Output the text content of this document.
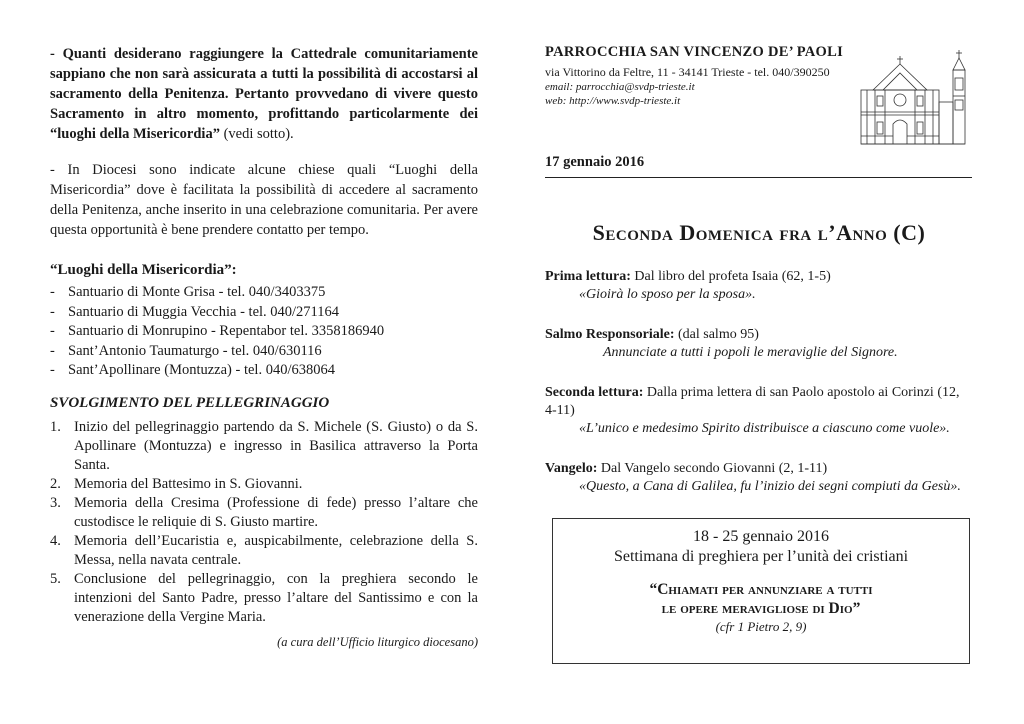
- Quanti desiderano raggiungere la Cattedrale comunitariamente sappiano che non sarà assicurata a tutti la possibilità di accostarsi al sacramento della Penitenza. Pertanto provvedano di vivere questo Sacramento in altro momento, profittando particolarmente dei “luoghi della Misericordia” (vedi sotto).

- In Diocesi sono indicate alcune chiese quali “Luoghi della Misericordia” dove è facilitata la possibilità di accedere al sacramento della Penitenza, anche inserito in una celebrazione comunitaria. Per avere questa opportunità è bene prendere contatto per tempo.

“Luoghi della Misericordia”:
- Santuario di Monte Grisa - tel. 040/3403375
- Santuario di Muggia Vecchia - tel. 040/271164
- Santuario di Monrupino - Repentabor tel. 3358186940
- Sant’Antonio Taumaturgo - tel. 040/630116
- Sant’Apollinare (Montuzza) - tel. 040/638064
SVOLGIMENTO DEL PELLEGRINAGGIO
1. Inizio del pellegrinaggio partendo da S. Michele (S. Giusto) o da S. Apollinare (Montuzza) e ingresso in Basilica attraverso la Porta Santa.
2. Memoria del Battesimo in S. Giovanni.
3. Memoria della Cresima (Professione di fede) presso l’altare che custodisce le reliquie di S. Giusto martire.
4. Memoria dell’Eucaristia e, auspicabilmente, celebrazione della S. Messa, nella navata centrale.
5. Conclusione del pellegrinaggio, con la preghiera secondo le intenzioni del Santo Padre, presso l’altare del Santissimo e con la venerazione della Vergine Maria.
(a cura dell’Ufficio liturgico diocesano)
PARROCCHIA SAN VINCENZO DE’ PAOLI
via Vittorino da Feltre, 11 - 34141 Trieste - tel. 040/390250
email: parrocchia@svdp-trieste.it
web: http://www.svdp-trieste.it
17 gennaio 2016
Seconda Domenica fra l’Anno (C)
Prima lettura: Dal libro del profeta Isaia (62, 1-5)
«Gioirà lo sposo per la sposa».
Salmo Responsoriale: (dal salmo 95)
Annunciate a tutti i popoli le meraviglie del Signore.
Seconda lettura: Dalla prima lettera di san Paolo apostolo ai Corinzi (12, 4-11)
«L’unico e medesimo Spirito distribuisce a ciascuno come vuole».
Vangelo: Dal Vangelo secondo Giovanni (2, 1-11)
«Questo, a Cana di Galilea, fu l’inizio dei segni compiuti da Gesù».
18 - 25 gennaio 2016
Settimana di preghiera per l’unità dei cristiani
“Chiamati per annunziare a tutti
le opere meravigliose di Dio”
(cfr 1 Pietro 2, 9)
